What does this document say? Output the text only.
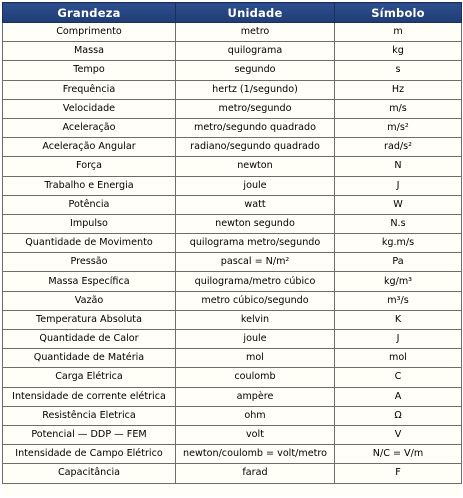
Grandeza	Unidade	Símbolo
Comprimento	metro	m
Massa	quilograma	kg
Tempo	segundo	s
Frequência	hertz (1/segundo)	Hz
Velocidade	metro/segundo	m/s
Aceleração	metro/segundo quadrado	m/s²
Aceleração Angular	radiano/segundo quadrado	rad/s²
Força	newton	N
Trabalho e Energia	joule	J
Potência	watt	W
Impulso	newton segundo	N.s
Quantidade de Movimento	quilograma metro/segundo	kg.m/s
Pressão	pascal = N/m²	Pa
Massa Específica	quilograma/metro cúbico	kg/m³
Vazão	metro cúbico/segundo	m³/s
Temperatura Absoluta	kelvin	K
Quantidade de Calor	joule	J
Quantidade de Matéria	mol	mol
Carga Elétrica	coulomb	C
Intensidade de corrente elétrica	ampère	A
Resistência Eletrica	ohm	Ω
Potencial — DDP — FEM	volt	V
Intensidade de Campo Elétrico	newton/coulomb = volt/metro	N/C = V/m
Capacitância	farad	F
